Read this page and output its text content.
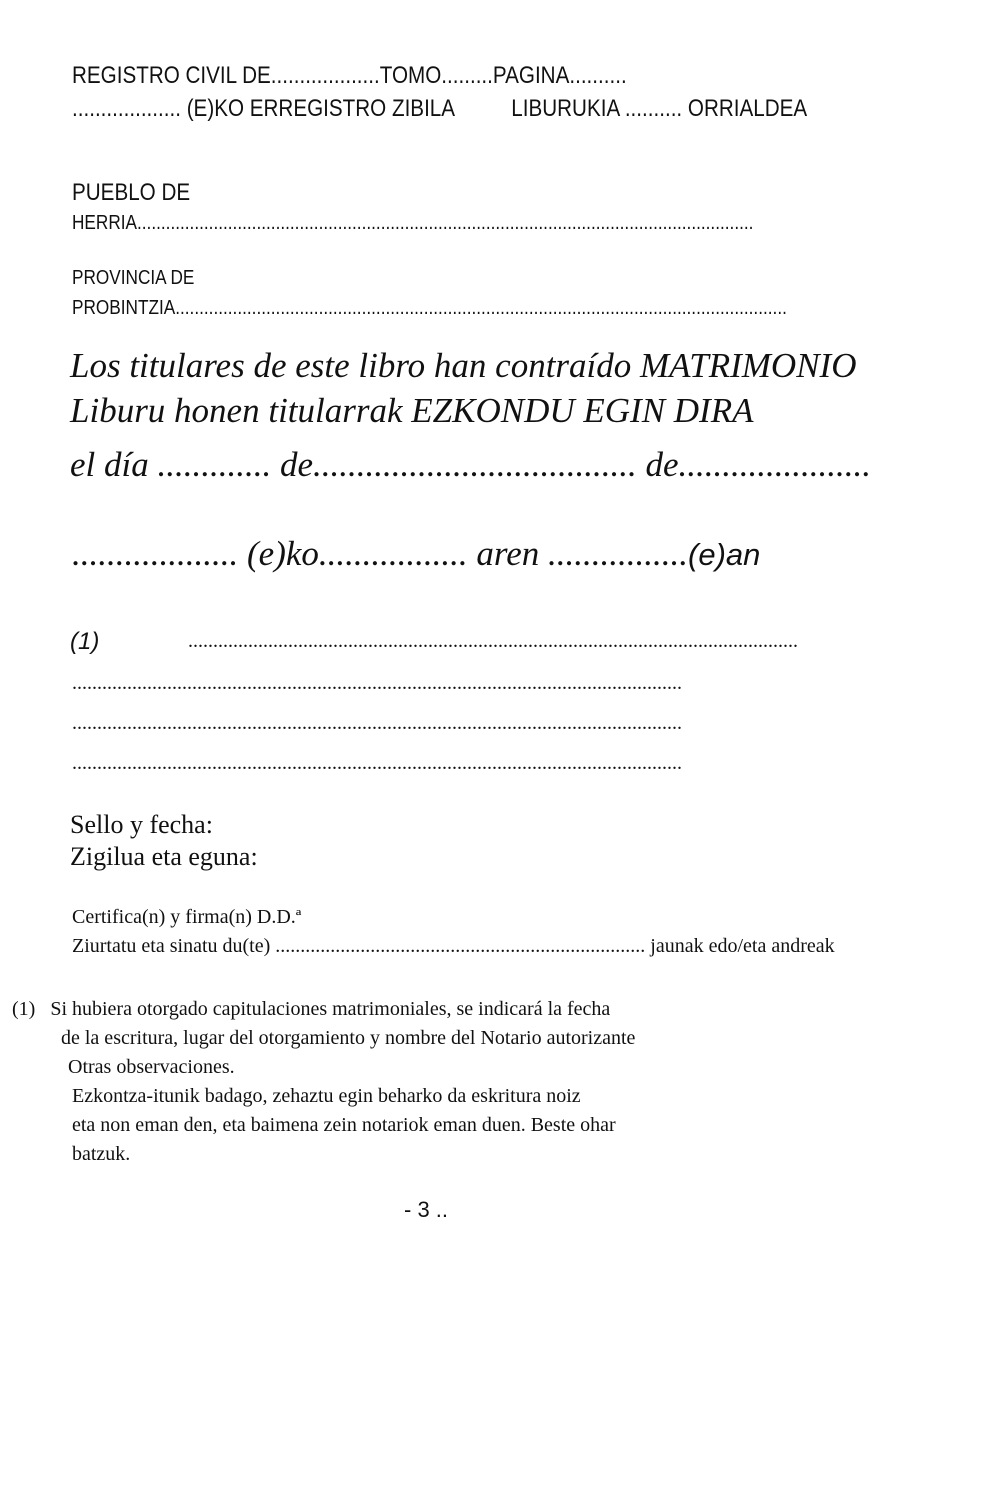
REGISTRO CIVIL DE...................TOMO.........PAGINA..........
................... (E)KO ERREGISTRO ZIBILA          LIBURUKIA .......... ORRIALDEA
PUEBLO DE
HERRIA.................................................................................................................................
PROVINCIA DE
PROBINTZIA................................................................................................................................
Los titulares de este libro han contraído MATRIMONIO
Liburu honen titularrak EZKONDU EGIN DIRA
el día ............. de..................................... de......................
................... (e)ko................. aren ................(e)an
(1)	..........................................................................................................................
..........................................................................................................................
..........................................................................................................................
..........................................................................................................................
Sello y fecha:
Zigilua eta eguna:
Certifica(n) y firma(n) D.D.ª
Ziurtatu eta sinatu du(te) .......................................................................... jaunak edo/eta andreak
(1)   Si hubiera otorgado capitulaciones matrimoniales, se indicará la fecha
de la escritura, lugar del otorgamiento y nombre del Notario autorizante
Otras observaciones.
Ezkontza-itunik badago, zehaztu egin beharko da eskritura noiz
eta non eman den, eta baimena zein notariok eman duen. Beste ohar
batzuk.
- 3 ..
